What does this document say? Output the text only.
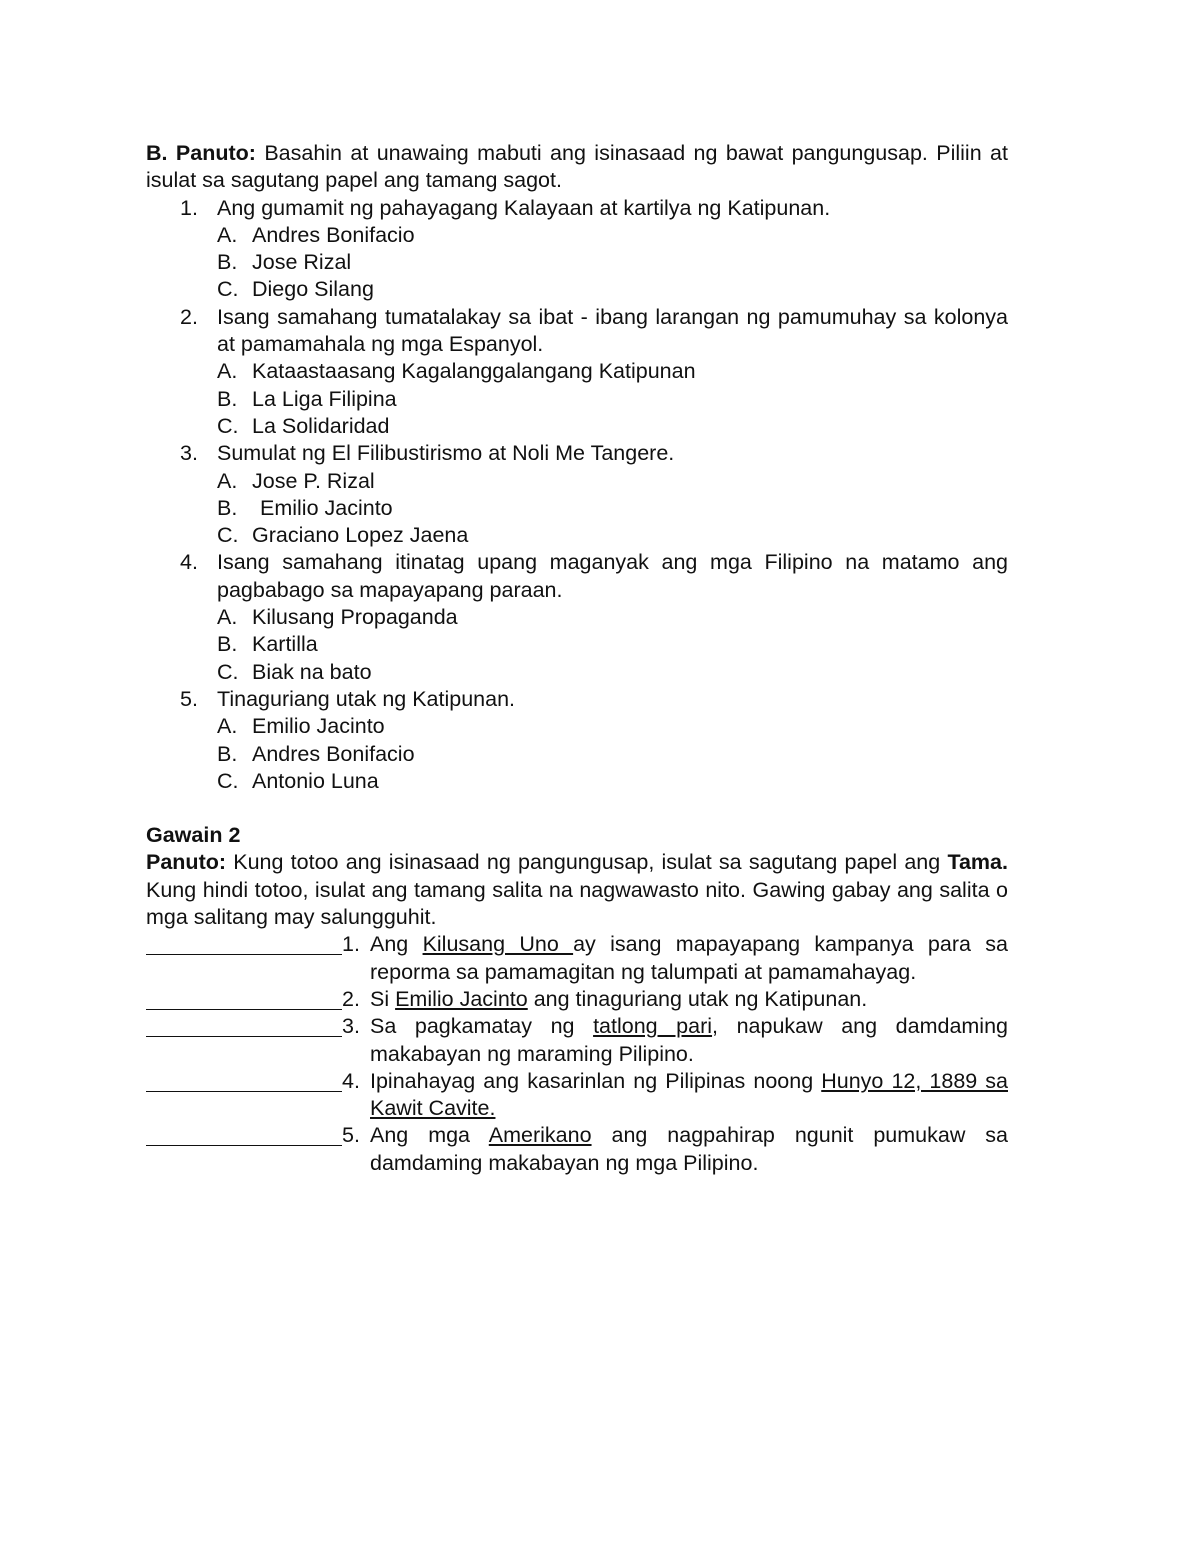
B. Panuto: Basahin at unawaing mabuti ang isinasaad ng bawat pangungusap. Piliin at isulat sa sagutang papel ang tamang sagot.
1. Ang gumamit ng pahayagang Kalayaan at kartilya ng Katipunan.
A. Andres Bonifacio
B. Jose Rizal
C. Diego Silang
2. Isang samahang tumatalakay sa ibat - ibang larangan ng pamumuhay sa kolonya at pamamahala ng mga Espanyol.
A. Kataastaasang Kagalanggalangang Katipunan
B. La Liga Filipina
C. La Solidaridad
3. Sumulat ng El Filibustirismo at Noli Me Tangere.
A. Jose P. Rizal
B. Emilio Jacinto
C. Graciano Lopez Jaena
4. Isang samahang itinatag upang maganyak ang mga Filipino na matamo ang pagbabago sa mapayapang paraan.
A. Kilusang Propaganda
B. Kartilla
C. Biak na bato
5. Tinaguriang utak ng Katipunan.
A. Emilio Jacinto
B. Andres Bonifacio
C. Antonio Luna
Gawain 2
Panuto: Kung totoo ang isinasaad ng pangungusap, isulat sa sagutang papel ang Tama. Kung hindi totoo, isulat ang tamang salita na nagwawasto nito. Gawing gabay ang salita o mga salitang may salungguhit.
1. Ang Kilusang Uno ay isang mapayapang kampanya para sa reporma sa pamamagitan ng talumpati at pamamahayag.
2. Si Emilio Jacinto ang tinaguriang utak ng Katipunan.
3. Sa pagkamatay ng tatlong pari, napukaw ang damdaming makabayan ng maraming Pilipino.
4. Ipinahayag ang kasarinlan ng Pilipinas noong Hunyo 12, 1889 sa Kawit Cavite.
5. Ang mga Amerikano ang nagpahirap ngunit pumukaw sa damdaming makabayan ng mga Pilipino.
